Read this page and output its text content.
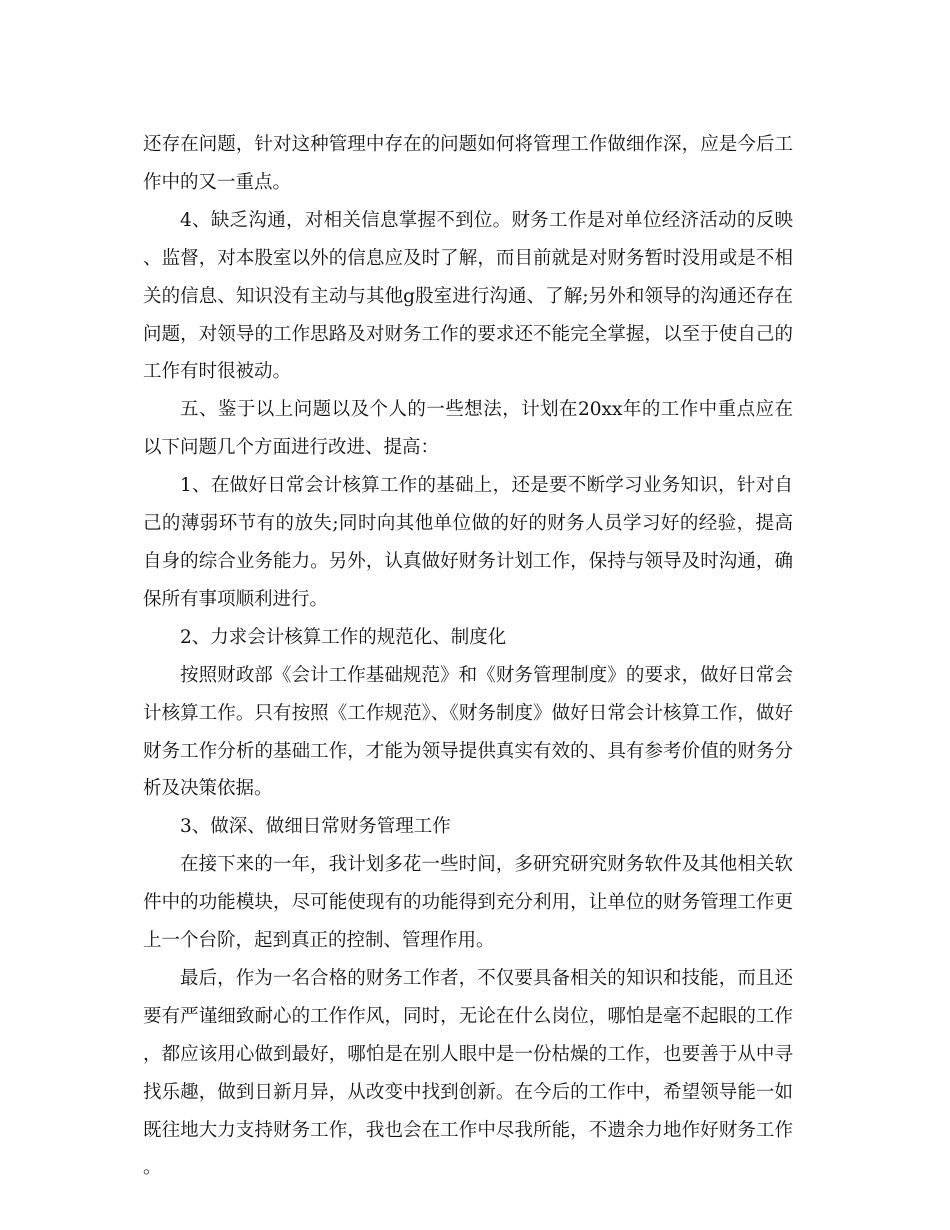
还存在问题，针对这种管理中存在的问题如何将管理工作做细作深，应是今后工作中的又一重点。

4、缺乏沟通，对相关信息掌握不到位。财务工作是对单位经济活动的反映、监督，对本股室以外的信息应及时了解，而目前就是对财务暂时没用或是不相关的信息、知识没有主动与其他g股室进行沟通、了解;另外和领导的沟通还存在问题，对领导的工作思路及对财务工作的要求还不能完全掌握，以至于使自己的工作有时很被动。

五、鉴于以上问题以及个人的一些想法，计划在20xx年的工作中重点应在以下问题几个方面进行改进、提高：

1、在做好日常会计核算工作的基础上，还是要不断学习业务知识，针对自己的薄弱环节有的放失;同时向其他单位做的好的财务人员学习好的经验，提高自身的综合业务能力。另外，认真做好财务计划工作，保持与领导及时沟通，确保所有事项顺利进行。

2、力求会计核算工作的规范化、制度化

按照财政部《会计工作基础规范》和《财务管理制度》的要求，做好日常会计核算工作。只有按照《工作规范》、《财务制度》做好日常会计核算工作，做好财务工作分析的基础工作，才能为领导提供真实有效的、具有参考价值的财务分析及决策依据。

3、做深、做细日常财务管理工作

在接下来的一年，我计划多花一些时间，多研究研究财务软件及其他相关软件中的功能模块，尽可能使现有的功能得到充分利用，让单位的财务管理工作更上一个台阶，起到真正的控制、管理作用。

最后，作为一名合格的财务工作者，不仅要具备相关的知识和技能，而且还要有严谨细致耐心的工作作风，同时，无论在什么岗位，哪怕是毫不起眼的工作，都应该用心做到最好，哪怕是在别人眼中是一份枯燥的工作，也要善于从中寻找乐趣，做到日新月异，从改变中找到创新。在今后的工作中，希望领导能一如既往地大力支持财务工作，我也会在工作中尽我所能，不遗余力地作好财务工作。
